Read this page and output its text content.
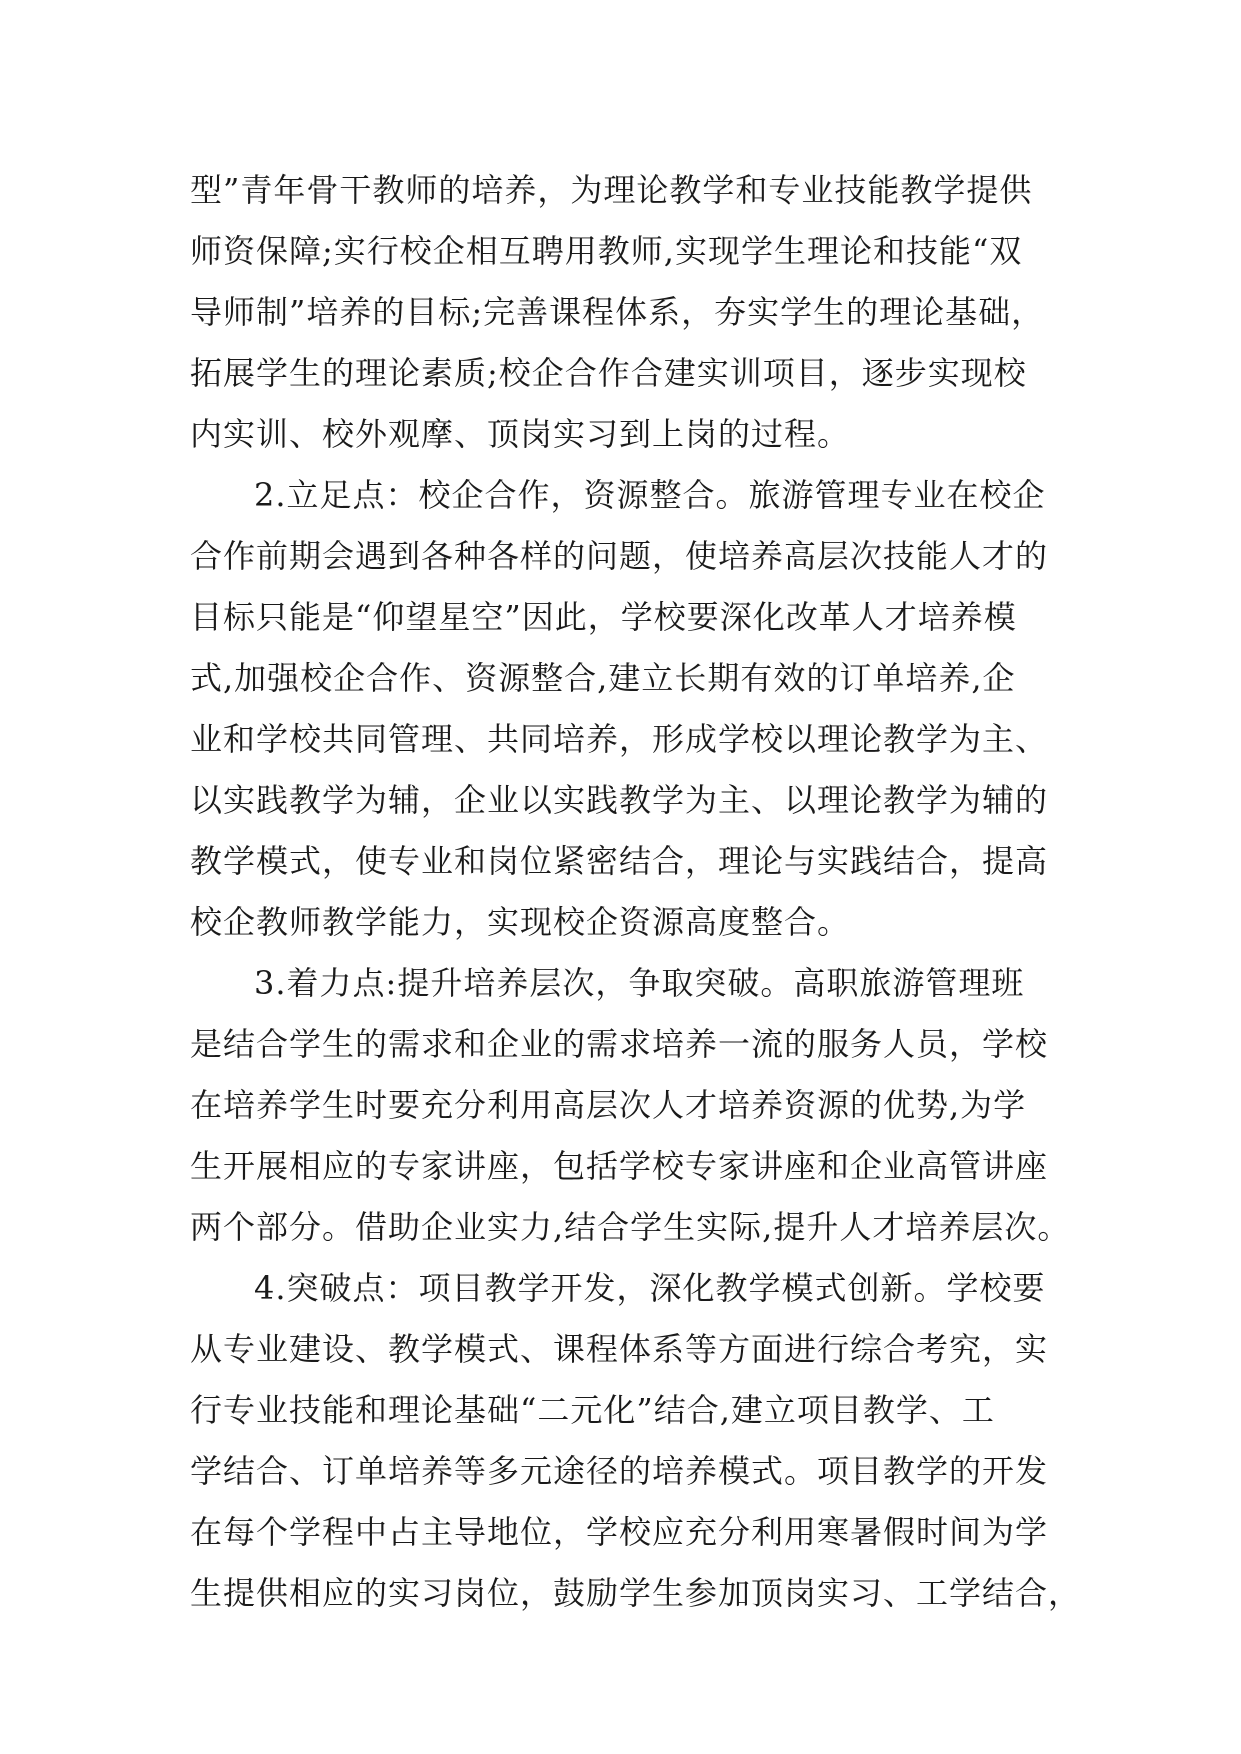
型”青年骨干教师的培养，为理论教学和专业技能教学提供
师资保障;实行校企相互聘用教师,实现学生理论和技能“双
导师制”培养的目标;完善课程体系，夯实学生的理论基础，
拓展学生的理论素质;校企合作合建实训项目，逐步实现校
内实训、校外观摩、顶岗实习到上岗的过程。
2.立足点：校企合作，资源整合。旅游管理专业在校企
合作前期会遇到各种各样的问题，使培养高层次技能人才的
目标只能是“仰望星空”因此，学校要深化改革人才培养模
式,加强校企合作、资源整合,建立长期有效的订单培养,企
业和学校共同管理、共同培养，形成学校以理论教学为主、
以实践教学为辅，企业以实践教学为主、以理论教学为辅的
教学模式，使专业和岗位紧密结合，理论与实践结合，提高
校企教师教学能力，实现校企资源高度整合。
3.着力点:提升培养层次，争取突破。高职旅游管理班
是结合学生的需求和企业的需求培养一流的服务人员，学校
在培养学生时要充分利用高层次人才培养资源的优势,为学
生开展相应的专家讲座，包括学校专家讲座和企业高管讲座
两个部分。借助企业实力,结合学生实际,提升人才培养层次。
4.突破点：项目教学开发，深化教学模式创新。学校要
从专业建设、教学模式、课程体系等方面进行综合考究，实
行专业技能和理论基础“二元化”结合,建立项目教学、工
学结合、订单培养等多元途径的培养模式。项目教学的开发
在每个学程中占主导地位，学校应充分利用寒暑假时间为学
生提供相应的实习岗位，鼓励学生参加顶岗实习、工学结合，
